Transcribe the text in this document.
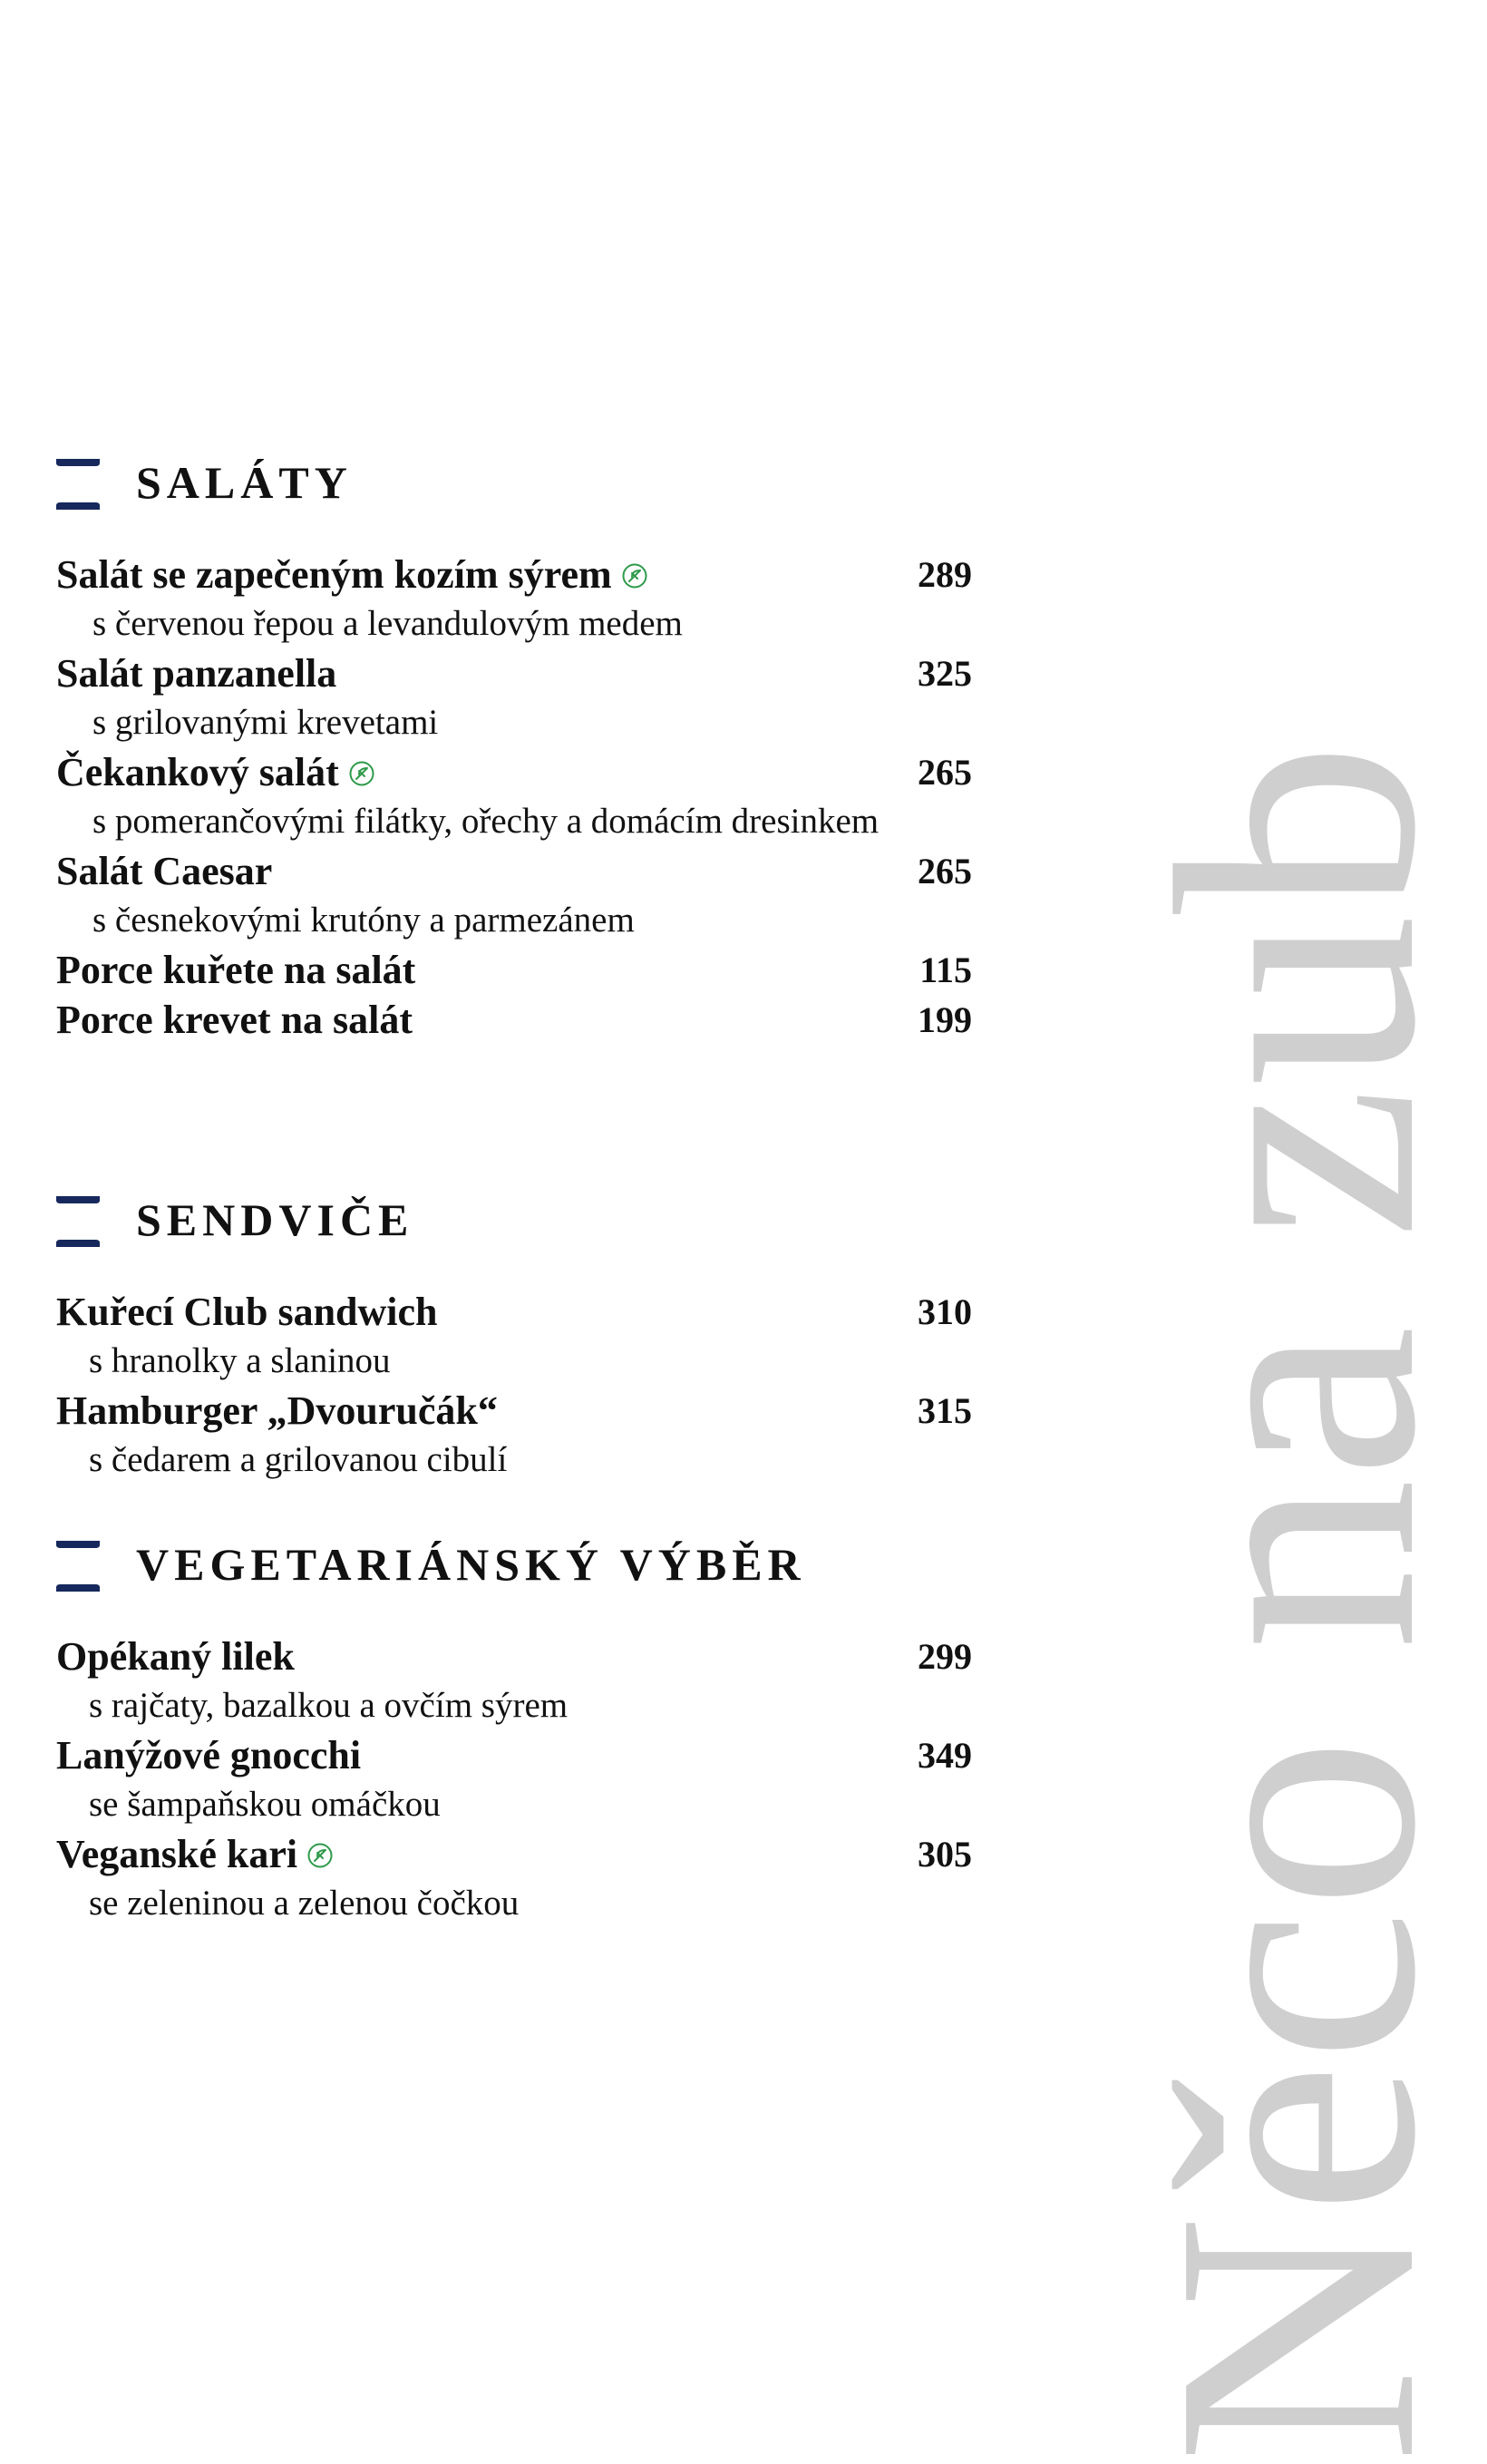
Něco na zub
SALÁTY
Salát se zapečeným kozím sýrem	289
s červenou řepou a levandulovým medem
Salát panzanella	325
s grilovanými krevetami
Čekankový salát	265
s pomerančovými filátky, ořechy a domácím dresinkem
Salát Caesar	265
s česnekovými krutóny a parmezánem
Porce kuřete na salát	115
Porce krevet na salát	199
SENDVIČE
Kuřecí Club sandwich	310
s hranolky a slaninou
Hamburger „Dvouručák“	315
s čedarem a grilovanou cibulí
VEGETARIÁNSKÝ VÝBĚR
Opékaný lilek	299
s rajčaty, bazalkou a ovčím sýrem
Lanýžové gnocchi	349
se šampaňskou omáčkou
Veganské kari	305
se zeleninou a zelenou čočkou
